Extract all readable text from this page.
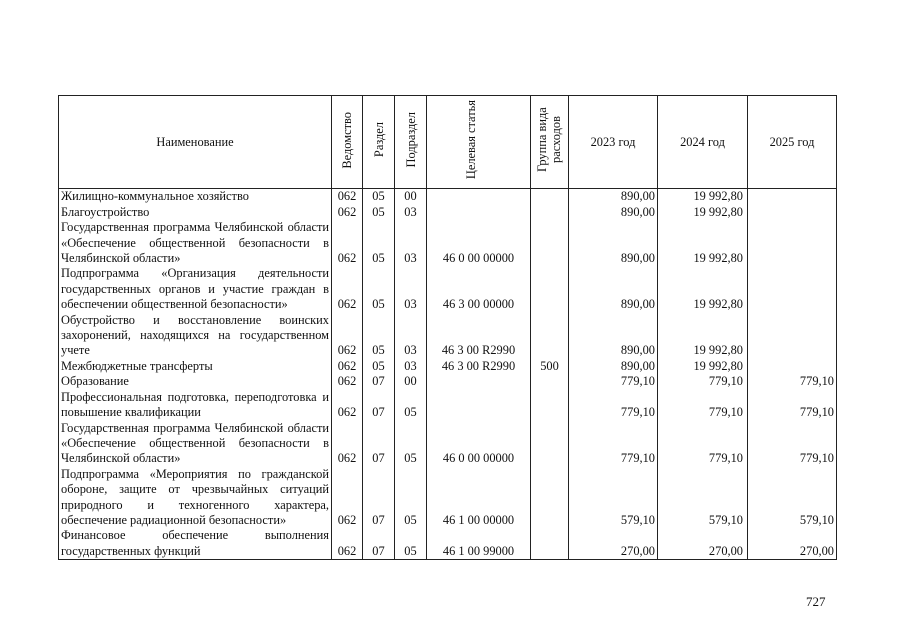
Наименование	Ведомство	Раздел	Подраздел	Целевая статья	Группа вида расходов	2023 год	2024 год	2025 год
Жилищно-коммунальное хозяйство	062	05	00			890,00	19 992,80	
Благоустройство	062	05	03			890,00	19 992,80	
Государственная программа Челябинской области «Обеспечение общественной безопасности в Челябинской области»	062	05	03	46 0 00 00000		890,00	19 992,80	
Подпрограмма «Организация деятельности государственных органов и участие граждан в обеспечении общественной безопасности»	062	05	03	46 3 00 00000		890,00	19 992,80	
Обустройство и восстановление воинских захоронений, находящихся на государственном учете	062	05	03	46 3 00 R2990		890,00	19 992,80	
Межбюджетные трансферты	062	05	03	46 3 00 R2990	500	890,00	19 992,80	
Образование	062	07	00			779,10	779,10	779,10
Профессиональная подготовка, переподготовка и повышение квалификации	062	07	05			779,10	779,10	779,10
Государственная программа Челябинской области «Обеспечение общественной безопасности в Челябинской области»	062	07	05	46 0 00 00000		779,10	779,10	779,10
Подпрограмма «Мероприятия по гражданской обороне, защите от чрезвычайных ситуаций природного и техногенного характера, обеспечение радиационной безопасности»	062	07	05	46 1 00 00000		579,10	579,10	579,10
Финансовое обеспечение выполнения государственных функций	062	07	05	46 1 00 99000		270,00	270,00	270,00
727
